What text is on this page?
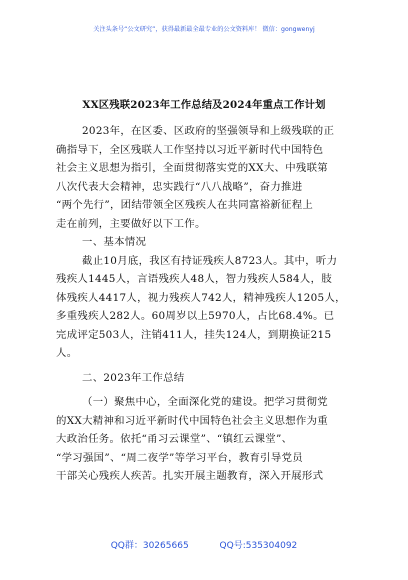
关注头条号“公文研究”，获得最新最全最专业的公文资料库！ 微信：gongwenyj
XX区残联2023年工作总结及2024年重点工作计划
2023年，在区委、区政府的坚强领导和上级残联的正
确指导下，全区残联人工作坚持以习近平新时代中国特色
社会主义思想为指引，全面贯彻落实党的XX大、中残联第
八次代表大会精神，忠实践行“八八战略”，奋力推进
“两个先行”，团结带领全区残疾人在共同富裕新征程上
走在前列，主要做好以下工作。
一、基本情况
截止10月底，我区有持证残疾人8723人。其中，听力
残疾人1445人，言语残疾人48人，智力残疾人584人，肢
体残疾人4417人，视力残疾人742人，精神残疾人1205人，
多重残疾人282人。60周岁以上5970人，占比68.4%。已
完成评定503人，注销411人，挂失124人，到期换证215
人。
二、2023年工作总结
（一）聚焦中心，全面深化党的建设。把学习贯彻党
的XX大精神和习近平新时代中国特色社会主义思想作为重
大政治任务。依托“甬习云课堂”、“镇红云课堂”、
“学习强国”、“周二夜学”等学习平台，教育引导党员
干部关心残疾人疾苦。扎实开展主题教育，深入开展形式
QQ群：30265665	QQ号:535304092
